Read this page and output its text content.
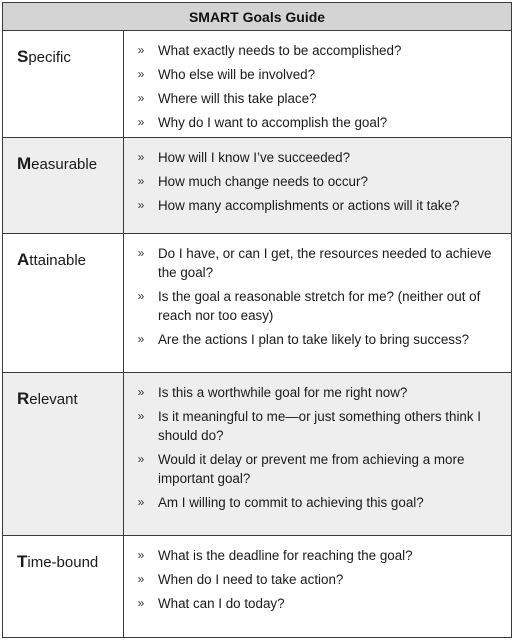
SMART Goals Guide
Specific	»	What exactly needs to be accomplished?
»	Who else will be involved?
»	Where will this take place?
»	Why do I want to accomplish the goal?
Measurable	»	How will I know I’ve succeeded?
»	How much change needs to occur?
»	How many accomplishments or actions will it take?
Attainable	»	Do I have, or can I get, the resources needed to achieve the goal?
»	Is the goal a reasonable stretch for me? (neither out of reach nor too easy)
»	Are the actions I plan to take likely to bring success?
Relevant	»	Is this a worthwhile goal for me right now?
»	Is it meaningful to me—or just something others think I should do?
»	Would it delay or prevent me from achieving a more important goal?
»	Am I willing to commit to achieving this goal?
Time-bound	»	What is the deadline for reaching the goal?
»	When do I need to take action?
»	What can I do today?
